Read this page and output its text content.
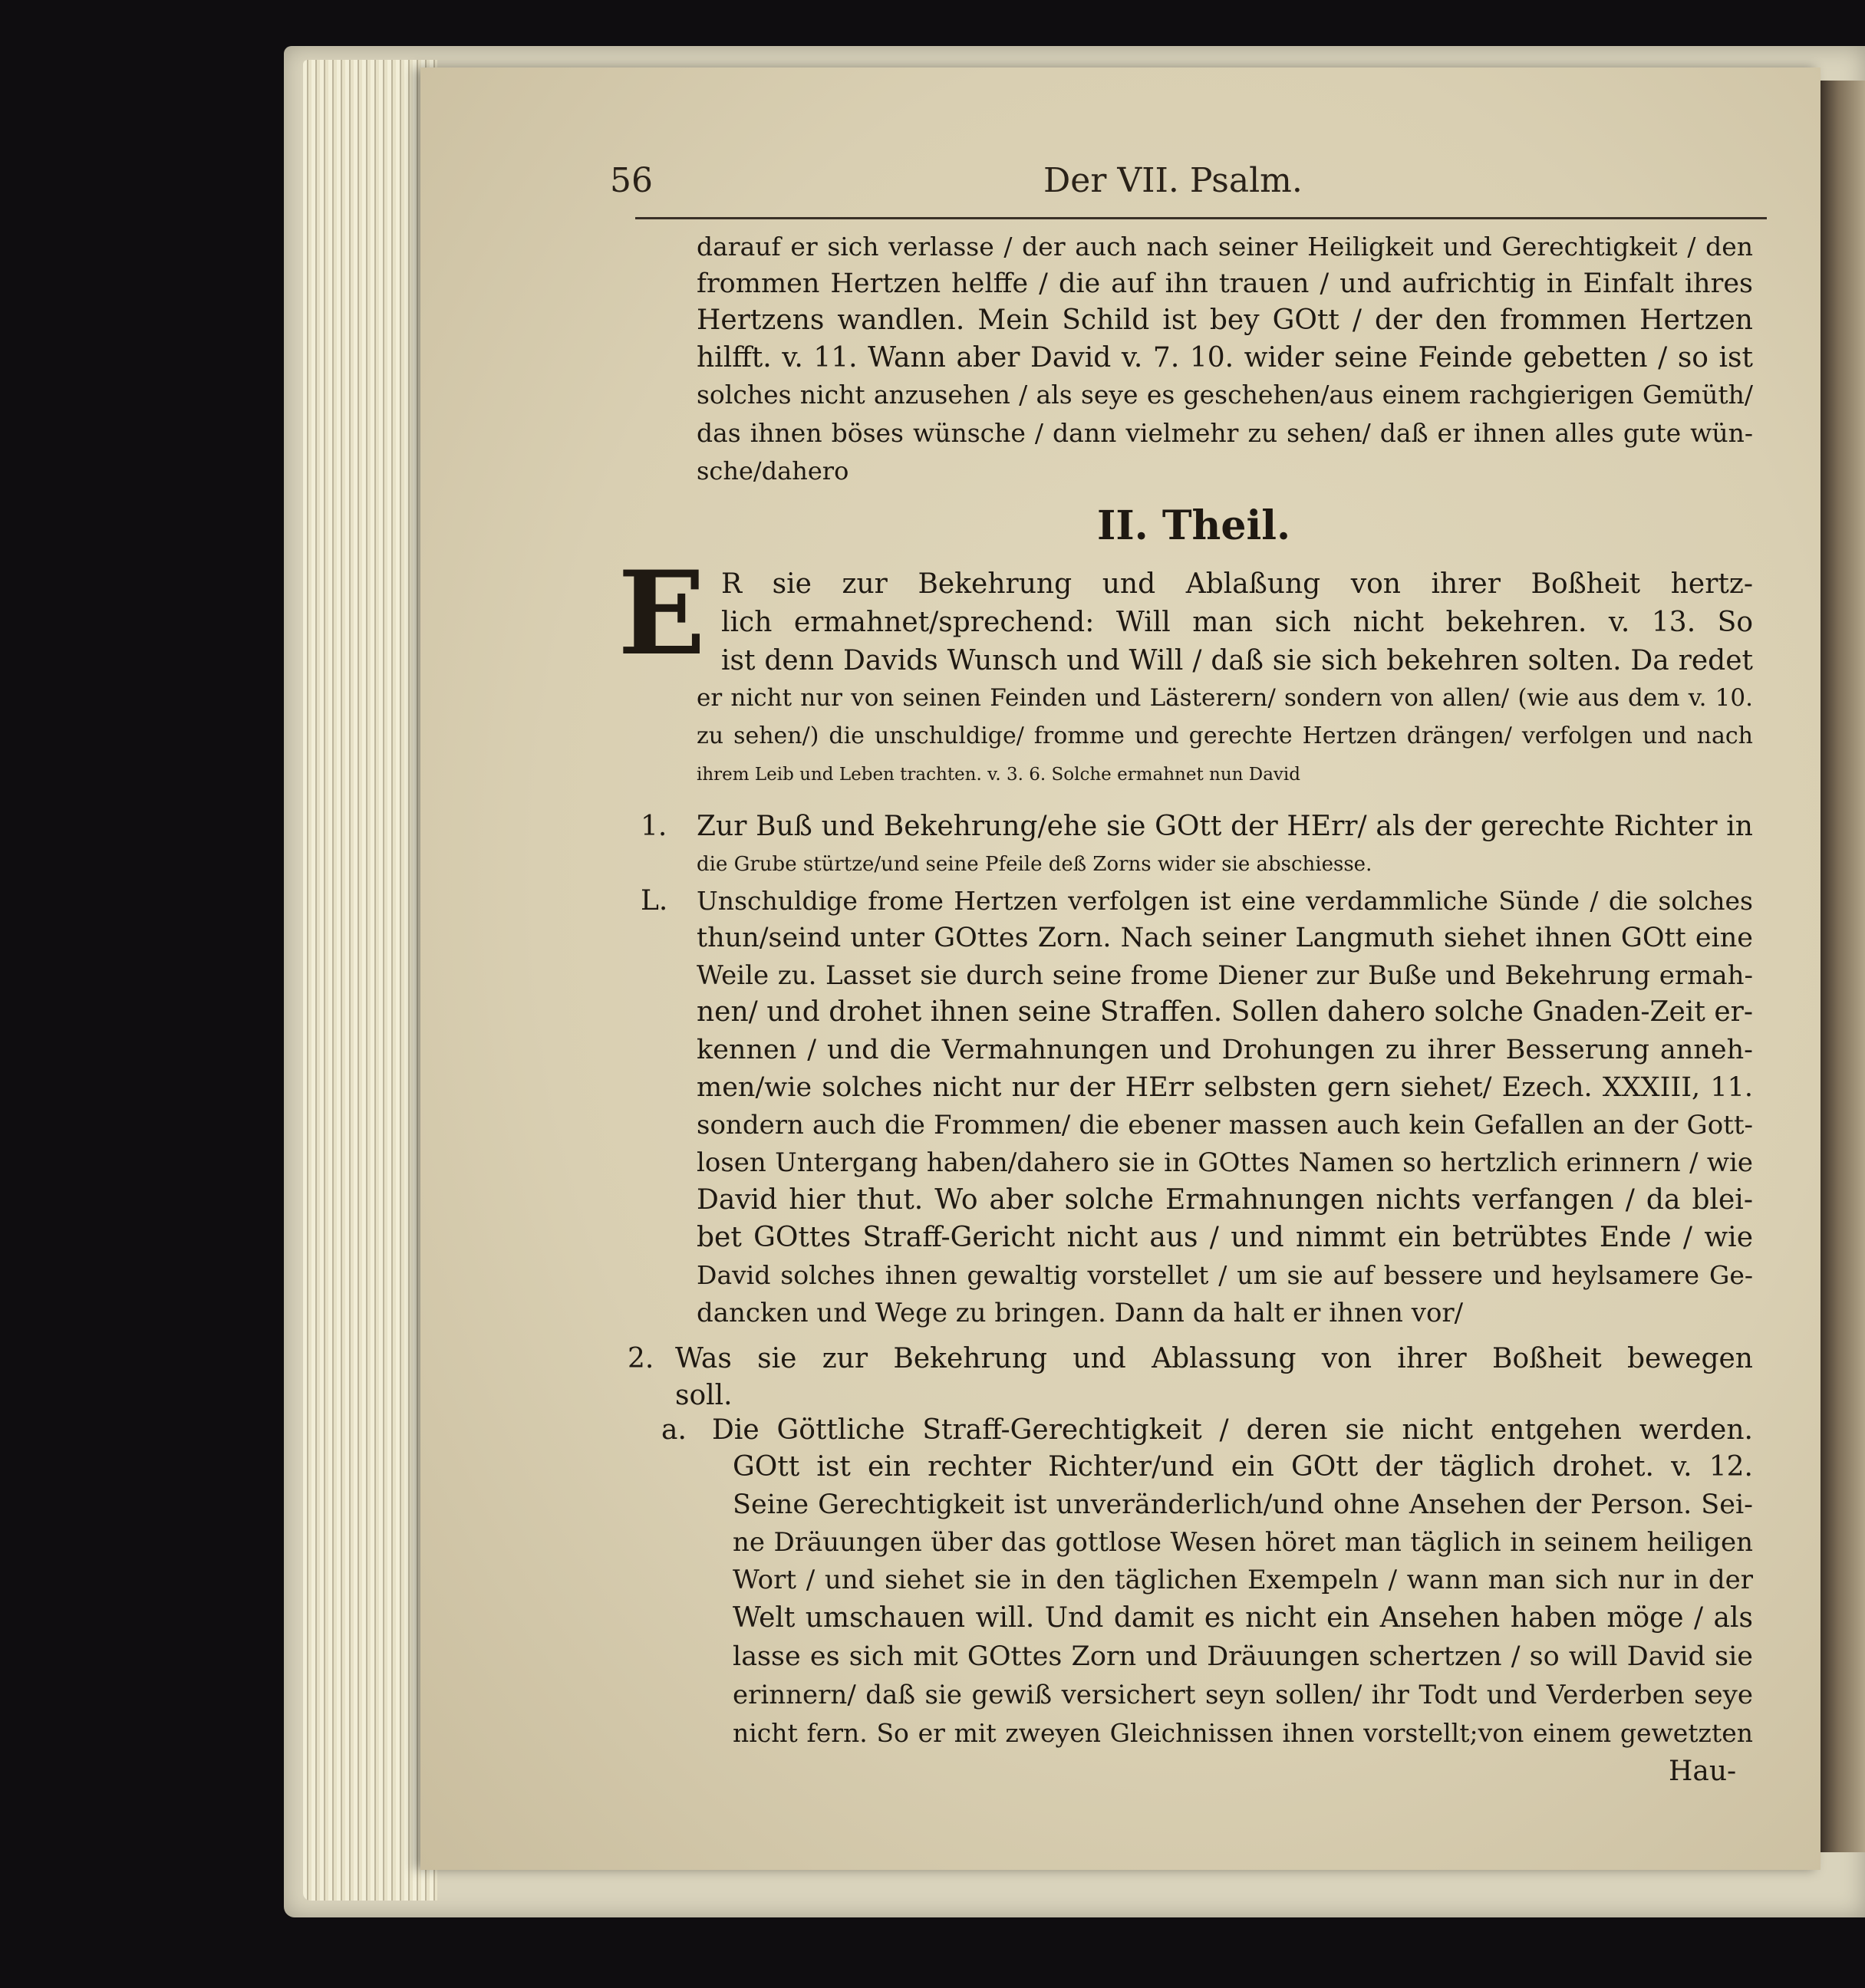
56	Der VII. Psalm.
II. Theil.
E
darauf er sich verlasse / der auch nach seiner Heiligkeit und Gerechtigkeit / den
frommen Hertzen helffe / die auf ihn trauen / und aufrichtig in Einfalt ihres
Hertzens wandlen. Mein Schild ist bey GOtt / der den frommen Hertzen
hilfft. v. 11. Wann aber David v. 7. 10. wider seine Feinde gebetten / so ist
solches nicht anzusehen / als seye es geschehen/aus einem rachgierigen Gemüth/
das ihnen böses wünsche / dann vielmehr zu sehen/ daß er ihnen alles gute wün-
sche/dahero
R sie zur Bekehrung und Ablaßung von ihrer Boßheit hertz-
lich ermahnet/sprechend: Will man sich nicht bekehren. v. 13. So
ist denn Davids Wunsch und Will / daß sie sich bekehren solten. Da redet
er nicht nur von seinen Feinden und Lästerern/ sondern von allen/ (wie aus dem v. 10.
zu sehen/) die unschuldige/ fromme und gerechte Hertzen drängen/ verfolgen und nach
ihrem Leib und Leben trachten. v. 3. 6. Solche ermahnet nun David
Zur Buß und Bekehrung/ehe sie GOtt der HErr/ als der gerechte Richter in
die Grube stürtze/und seine Pfeile deß Zorns wider sie abschiesse.
Unschuldige frome Hertzen verfolgen ist eine verdammliche Sünde / die solches
thun/seind unter GOttes Zorn. Nach seiner Langmuth siehet ihnen GOtt eine
Weile zu. Lasset sie durch seine frome Diener zur Buße und Bekehrung ermah-
nen/ und drohet ihnen seine Straffen. Sollen dahero solche Gnaden-Zeit er-
kennen / und die Vermahnungen und Drohungen zu ihrer Besserung anneh-
men/wie solches nicht nur der HErr selbsten gern siehet/ Ezech. XXXIII, 11.
sondern auch die Frommen/ die ebener massen auch kein Gefallen an der Gott-
losen Untergang haben/dahero sie in GOttes Namen so hertzlich erinnern / wie
David hier thut. Wo aber solche Ermahnungen nichts verfangen / da blei-
bet GOttes Straff-Gericht nicht aus / und nimmt ein betrübtes Ende / wie
David solches ihnen gewaltig vorstellet / um sie auf bessere und heylsamere Ge-
dancken und Wege zu bringen. Dann da halt er ihnen vor/
Was sie zur Bekehrung und Ablassung von ihrer Boßheit bewegen
soll.
Die Göttliche Straff-Gerechtigkeit / deren sie nicht entgehen werden.
GOtt ist ein rechter Richter/und ein GOtt der täglich drohet. v. 12.
Seine Gerechtigkeit ist unveränderlich/und ohne Ansehen der Person. Sei-
ne Dräuungen über das gottlose Wesen höret man täglich in seinem heiligen
Wort / und siehet sie in den täglichen Exempeln / wann man sich nur in der
Welt umschauen will. Und damit es nicht ein Ansehen haben möge / als
lasse es sich mit GOttes Zorn und Dräuungen schertzen / so will David sie
erinnern/ daß sie gewiß versichert seyn sollen/ ihr Todt und Verderben seye
nicht fern. So er mit zweyen Gleichnissen ihnen vorstellt;von einem gewetzten
1.
L.
2.
a.
Hau-
